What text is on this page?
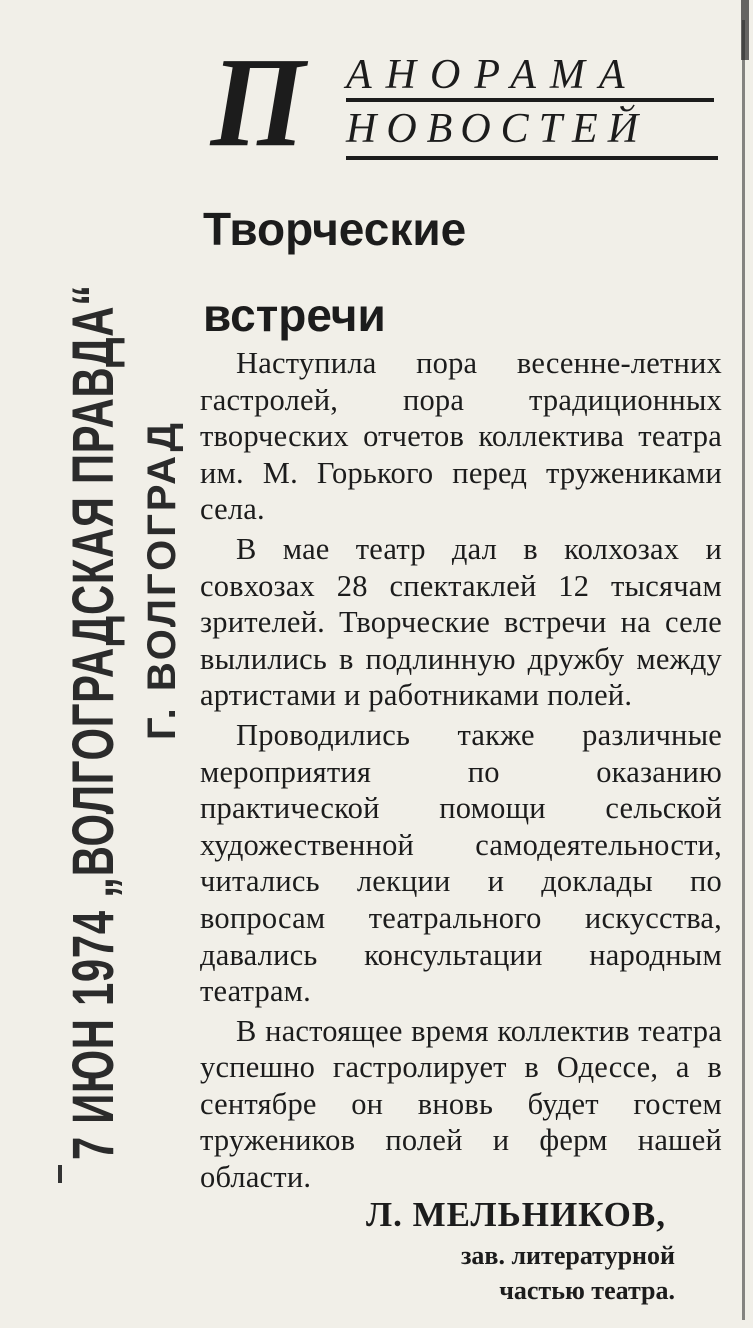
7 ИЮН 1974 „ВОЛГОГРАДСКАЯ ПРАВДА“ Г. ВОЛГОГРАД
П АНОРАМА
НОВОСТЕЙ
Творческие
встречи

Наступила пора весенне-летних гастролей, пора традиционных творческих отчетов коллектива театра им. М. Горького перед тружениками села.

В мае театр дал в колхозах и совхозах 28 спектаклей 12 тысячам зрителей. Творческие встречи на селе вылились в подлинную дружбу между артистами и работниками полей.

Проводились также различные мероприятия по оказанию практической помощи сельской художественной самодеятельности, читались лекции и доклады по вопросам театрального искусства, давались консультации народным театрам.

В настоящее время коллектив театра успешно гастролирует в Одессе, а в сентябре он вновь будет гостем тружеников полей и ферм нашей области.

Л. МЕЛЬНИКОВ,
зав. литературной
частью театра.
